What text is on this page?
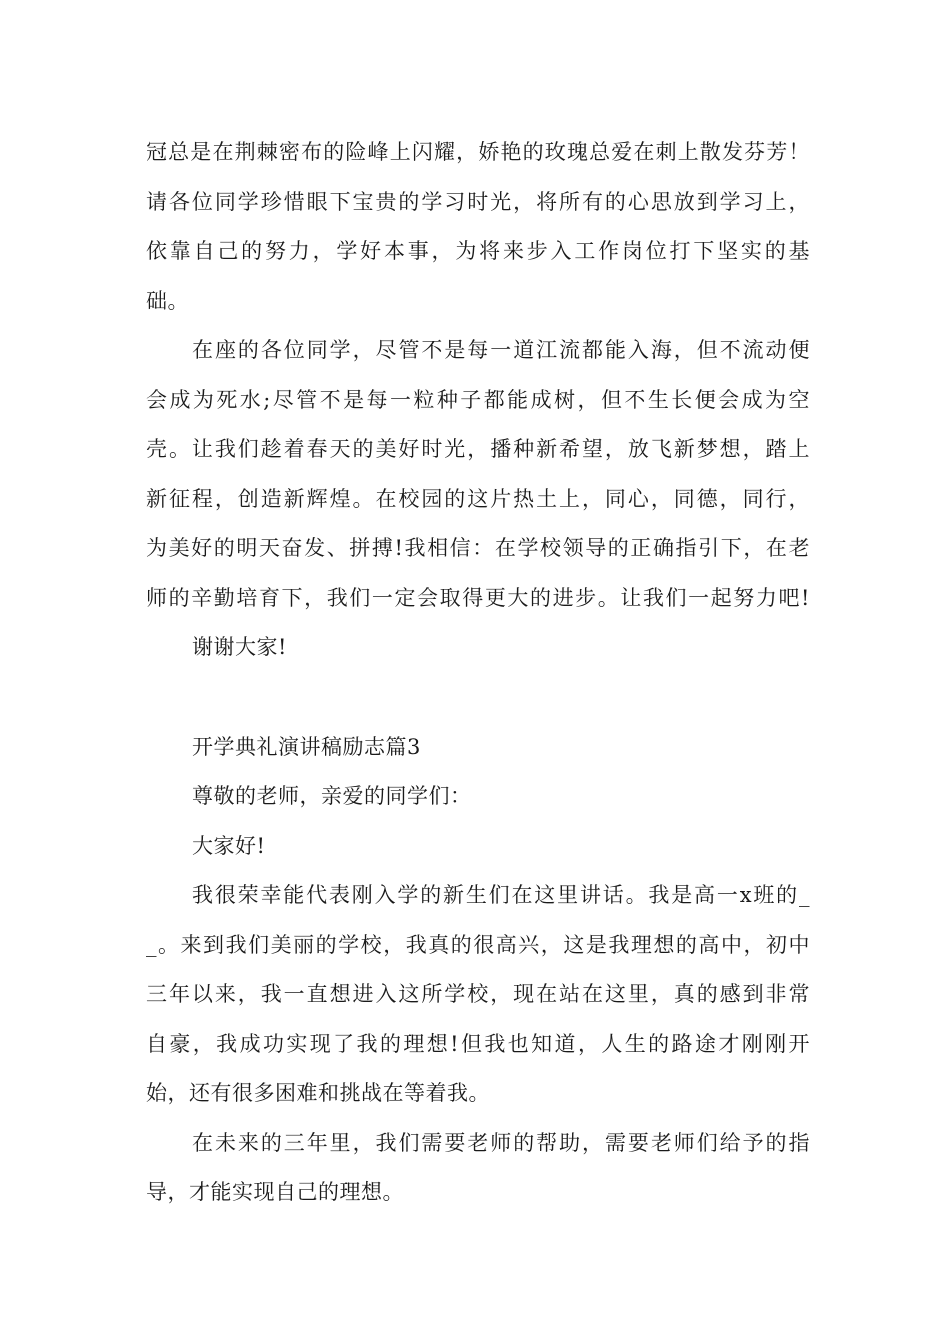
冠总是在荆棘密布的险峰上闪耀，娇艳的玫瑰总爱在刺上散发芬芳！
请各位同学珍惜眼下宝贵的学习时光，将所有的心思放到学习上，
依靠自己的努力，学好本事，为将来步入工作岗位打下坚实的基
础。
在座的各位同学，尽管不是每一道江流都能入海，但不流动便
会成为死水;尽管不是每一粒种子都能成树，但不生长便会成为空
壳。让我们趁着春天的美好时光，播种新希望，放飞新梦想，踏上
新征程，创造新辉煌。在校园的这片热土上，同心，同德，同行，
为美好的明天奋发、拼搏!我相信：在学校领导的正确指引下，在老
师的辛勤培育下，我们一定会取得更大的进步。让我们一起努力吧!
谢谢大家!
开学典礼演讲稿励志篇3
尊敬的老师，亲爱的同学们：
大家好!
我很荣幸能代表刚入学的新生们在这里讲话。我是高一x班的_
_。来到我们美丽的学校，我真的很高兴，这是我理想的高中，初中
三年以来，我一直想进入这所学校，现在站在这里，真的感到非常
自豪，我成功实现了我的理想!但我也知道，人生的路途才刚刚开
始，还有很多困难和挑战在等着我。
在未来的三年里，我们需要老师的帮助，需要老师们给予的指
导，才能实现自己的理想。
